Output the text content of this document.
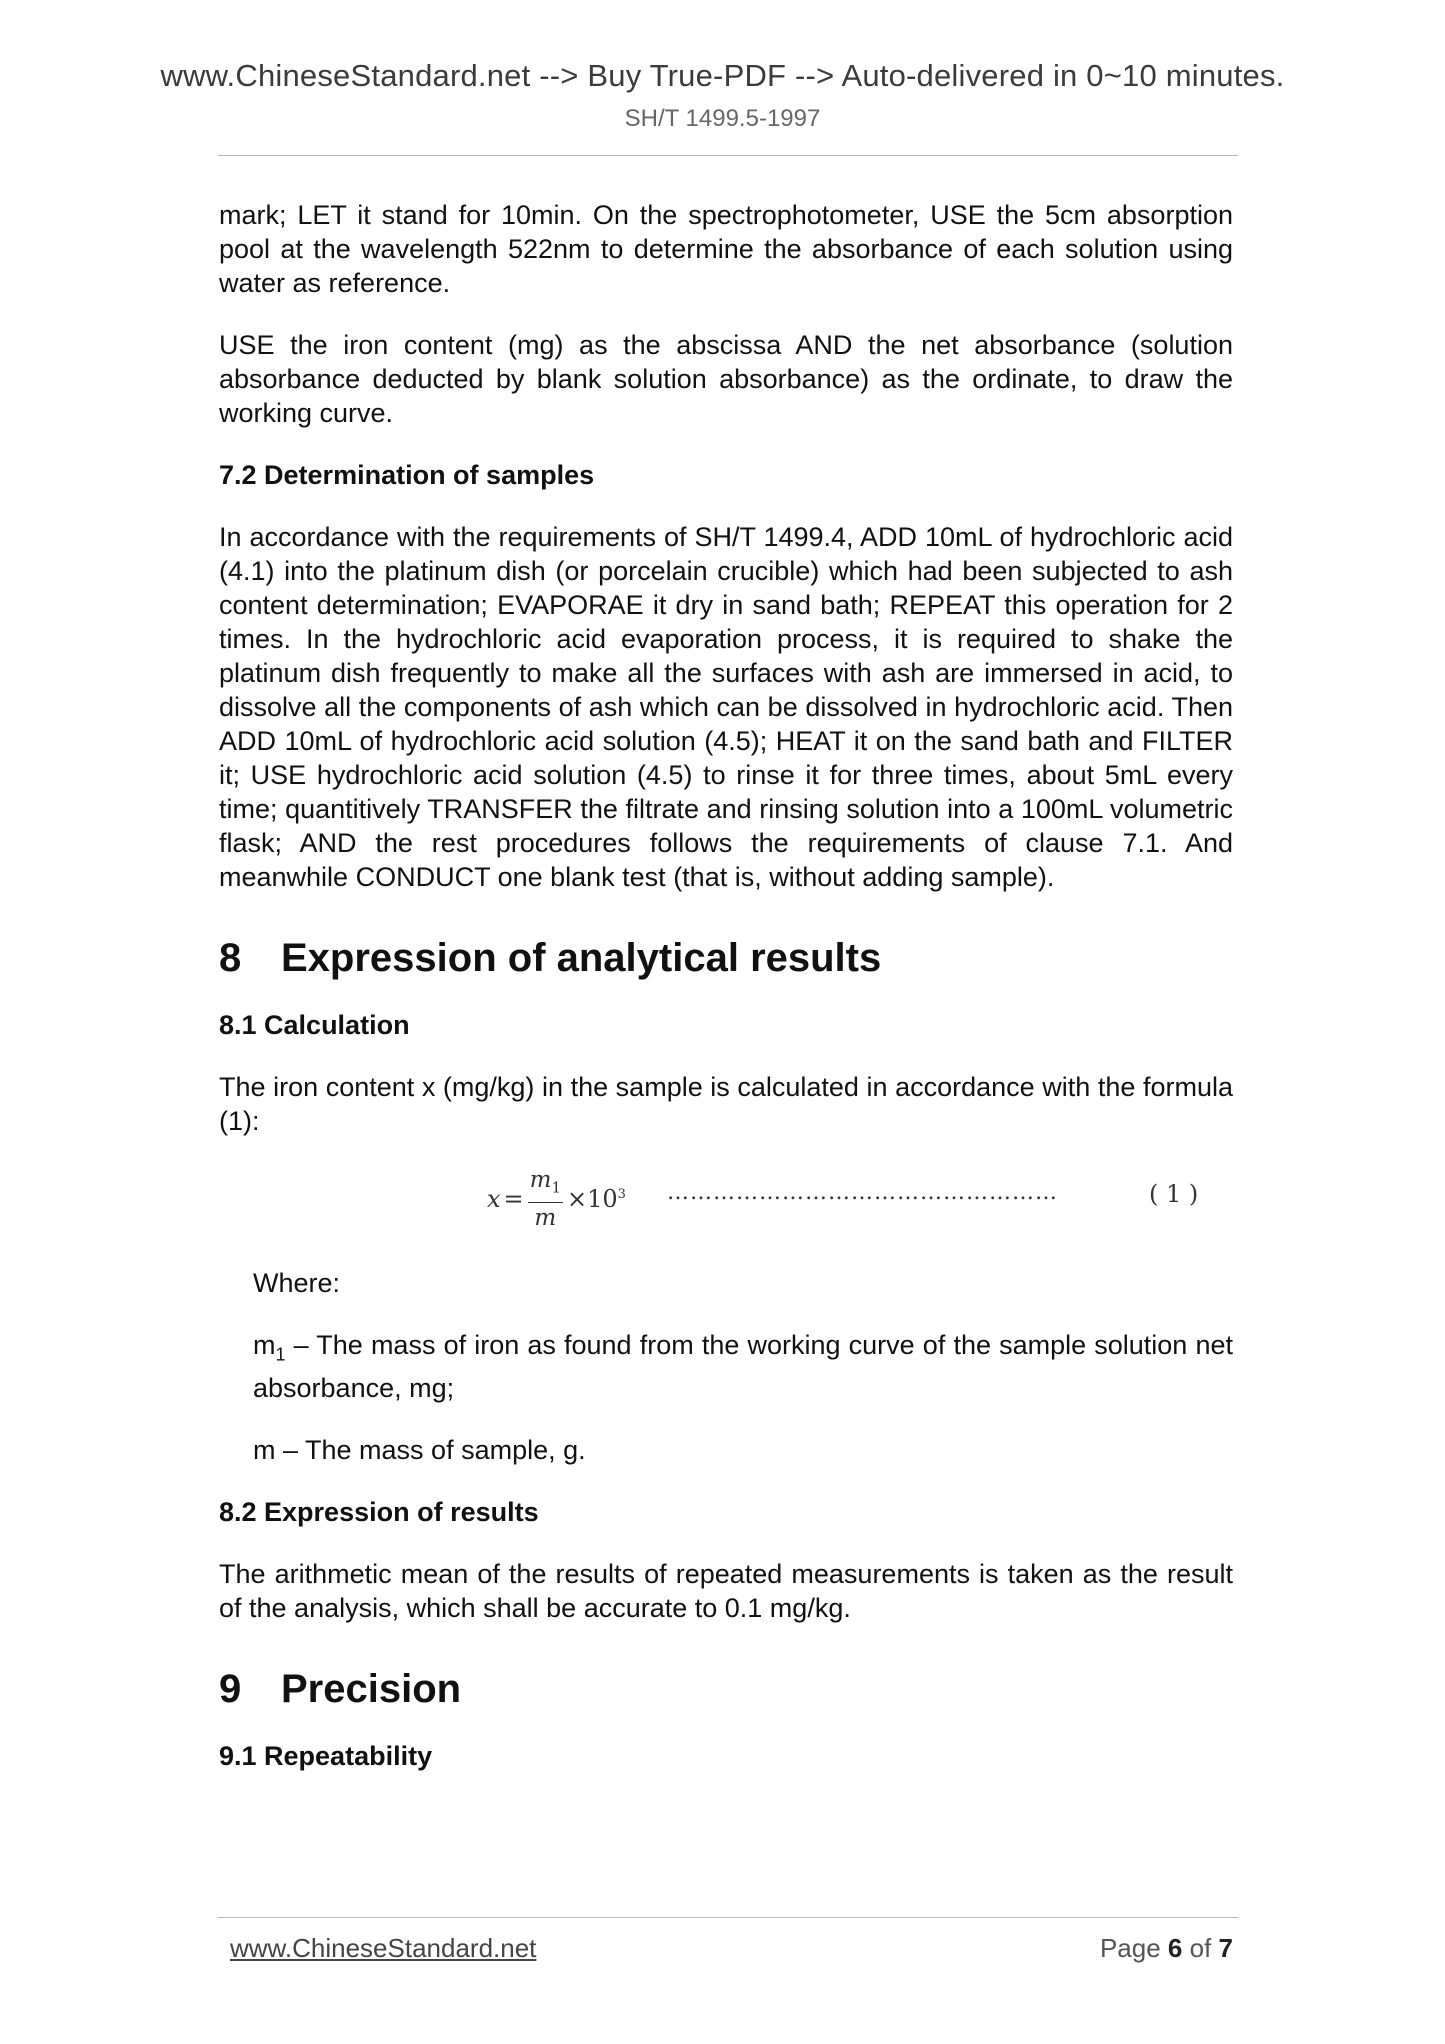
www.ChineseStandard.net --> Buy True-PDF --> Auto-delivered in 0~10 minutes.
SH/T 1499.5-1997

mark; LET it stand for 10min. On the spectrophotometer, USE the 5cm absorption pool at the wavelength 522nm to determine the absorbance of each solution using water as reference.

USE the iron content (mg) as the abscissa AND the net absorbance (solution absorbance deducted by blank solution absorbance) as the ordinate, to draw the working curve.

7.2 Determination of samples

In accordance with the requirements of SH/T 1499.4, ADD 10mL of hydrochloric acid (4.1) into the platinum dish (or porcelain crucible) which had been subjected to ash content determination; EVAPORAE it dry in sand bath; REPEAT this operation for 2 times. In the hydrochloric acid evaporation process, it is required to shake the platinum dish frequently to make all the surfaces with ash are immersed in acid, to dissolve all the components of ash which can be dissolved in hydrochloric acid. Then ADD 10mL of hydrochloric acid solution (4.5); HEAT it on the sand bath and FILTER it; USE hydrochloric acid solution (4.5) to rinse it for three times, about 5mL every time; quantitively TRANSFER the filtrate and rinsing solution into a 100mL volumetric flask; AND the rest procedures follows the requirements of clause 7.1. And meanwhile CONDUCT one blank test (that is, without adding sample).

8 Expression of analytical results
8.1 Calculation

The iron content x (mg/kg) in the sample is calculated in accordance with the formula (1):

$x = \frac{m_1}{m} \times 10^3$ ……………………………………………	( 1 )

Where:

$m_1$ – The mass of iron as found from the working curve of the sample solution net absorbance, mg;

m – The mass of sample, g.

8.2 Expression of results

The arithmetic mean of the results of repeated measurements is taken as the result of the analysis, which shall be accurate to 0.1 mg/kg.

9 Precision
9.1 Repeatability
www.ChineseStandard.net	Page 6 of 7
